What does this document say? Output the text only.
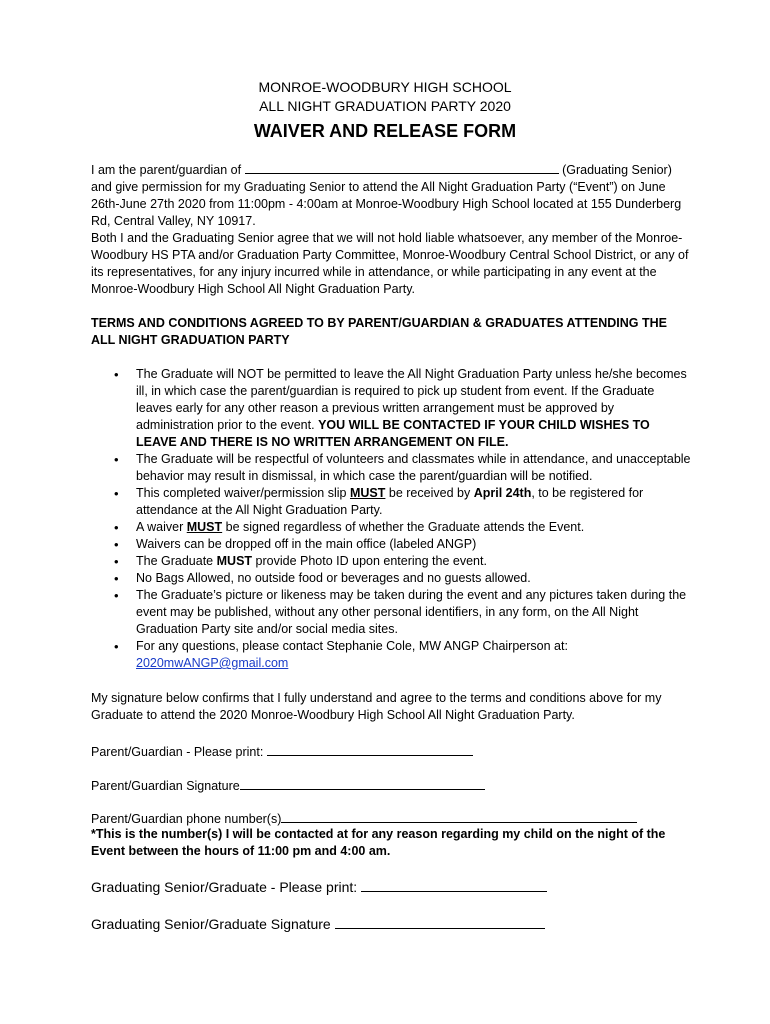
MONROE-WOODBURY HIGH SCHOOL
ALL NIGHT GRADUATION PARTY 2020
WAIVER AND RELEASE FORM

I am the parent/guardian of	(Graduating Senior) and give permission for my Graduating Senior to attend the All Night Graduation Party (“Event”) on June 26th-June 27th 2020 from 11:00pm - 4:00am at Monroe-Woodbury High School located at 155 Dunderberg Rd, Central Valley, NY 10917.

Both I and the Graduating Senior agree that we will not hold liable whatsoever, any member of the Monroe-Woodbury HS PTA and/or Graduation Party Committee, Monroe-Woodbury Central School District, or any of its representatives, for any injury incurred while in attendance, or while participating in any event at the Monroe-Woodbury High School All Night Graduation Party.

TERMS AND CONDITIONS AGREED TO BY PARENT/GUARDIAN & GRADUATES ATTENDING THE ALL NIGHT GRADUATION PARTY
• The Graduate will NOT be permitted to leave the All Night Graduation Party unless he/she becomes ill, in which case the parent/guardian is required to pick up student from event. If the Graduate leaves early for any other reason a previous written arrangement must be approved by administration prior to the event. YOU WILL BE CONTACTED IF YOUR CHILD WISHES TO LEAVE AND THERE IS NO WRITTEN ARRANGEMENT ON FILE.
• The Graduate will be respectful of volunteers and classmates while in attendance, and unacceptable behavior may result in dismissal, in which case the parent/guardian will be notified.
• This completed waiver/permission slip MUST be received by April 24th, to be registered for attendance at the All Night Graduation Party.
• A waiver MUST be signed regardless of whether the Graduate attends the Event.
• Waivers can be dropped off in the main office (labeled ANGP)
• The Graduate MUST provide Photo ID upon entering the event.
• No Bags Allowed, no outside food or beverages and no guests allowed.
• The Graduate’s picture or likeness may be taken during the event and any pictures taken during the event may be published, without any other personal identifiers, in any form, on the All Night Graduation Party site and/or social media sites.
• For any questions, please contact Stephanie Cole, MW ANGP Chairperson at:
2020mwANGP@gmail.com
My signature below confirms that I fully understand and agree to the terms and conditions above for my Graduate to attend the 2020 Monroe-Woodbury High School All Night Graduation Party.
Parent/Guardian - Please print:
Parent/Guardian Signature
Parent/Guardian phone number(s)
*This is the number(s) I will be contacted at for any reason regarding my child on the night of the Event between the hours of 11:00 pm and 4:00 am.
Graduating Senior/Graduate - Please print:
Graduating Senior/Graduate Signature
